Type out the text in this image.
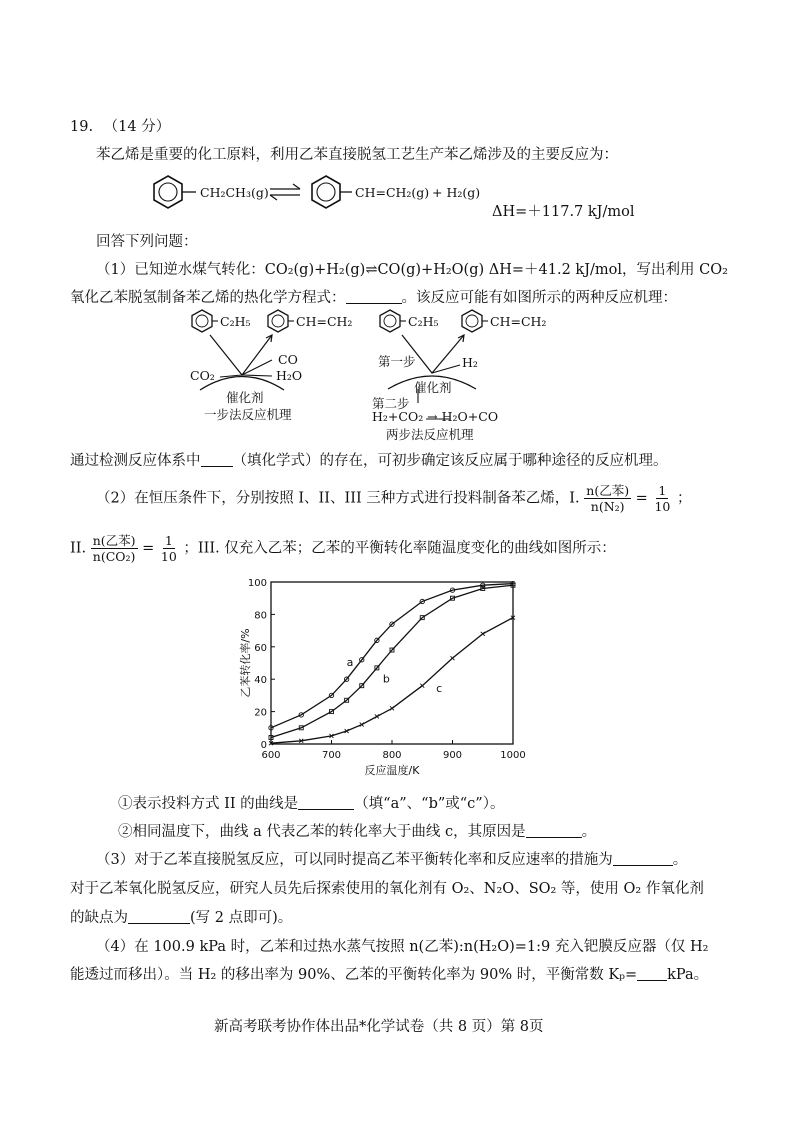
19. （14 分）
苯乙烯是重要的化工原料，利用乙苯直接脱氢工艺生产苯乙烯涉及的主要反应为：
CH₂CH₃(g)	CH=CH₂(g) + H₂(g)
ΔH=＋117.7 kJ/mol
回答下列问题：
（1）已知逆水煤气转化：CO₂(g)+H₂(g)⇌CO(g)+H₂O(g) ΔH=＋41.2 kJ/mol，写出利用 CO₂
氧化乙苯脱氢制备苯乙烯的热化学方程式：	。该反应可能有如图所示的两种反应机理：
C₂H₅	CH=CH₂
CO
CO₂	H₂O
催化剂
一步法反应机理
C₂H₅	CH=CH₂
第一步	H₂
催化剂
第二步
H₂+CO₂ → H₂O+CO
两步法反应机理
通过检测反应体系中 （填化学式）的存在，可初步确定该反应属于哪种途径的反应机理。
（2）在恒压条件下，分别按照 I、II、III 三种方式进行投料制备苯乙烯，I. $\frac{\text{n(乙苯)}}{\text{n(N₂)}} = \frac{1}{10}$ ；
II. $\frac{\text{n(乙苯)}}{\text{n(CO₂)}} = \frac{1}{10}$ ；III. 仅充入乙苯；乙苯的平衡转化率随温度变化的曲线如图所示：
600	700	800	900	1000
0
20
40
60
80
100
反应温度/K
乙苯转化率/%	a
b
c
①表示投料方式 II 的曲线是	（填“a”、“b”或“c”）。
②相同温度下，曲线 a 代表乙苯的转化率大于曲线 c，其原因是	。
（3）对于乙苯直接脱氢反应，可以同时提高乙苯平衡转化率和反应速率的措施为	。
对于乙苯氧化脱氢反应，研究人员先后探索使用的氧化剂有 O₂、N₂O、SO₂ 等，使用 O₂ 作氧化剂
的缺点为	(写 2 点即可)。
（4）在 100.9 kPa 时，乙苯和过热水蒸气按照 n(乙苯):n(H₂O)=1:9 充入钯膜反应器（仅 H₂
能透过而移出）。当 H₂ 的移出率为 90%、乙苯的平衡转化率为 90% 时，平衡常数 Kₚ= kPa。
新高考联考协作体出品*化学试卷（共 8 页）第 8页
